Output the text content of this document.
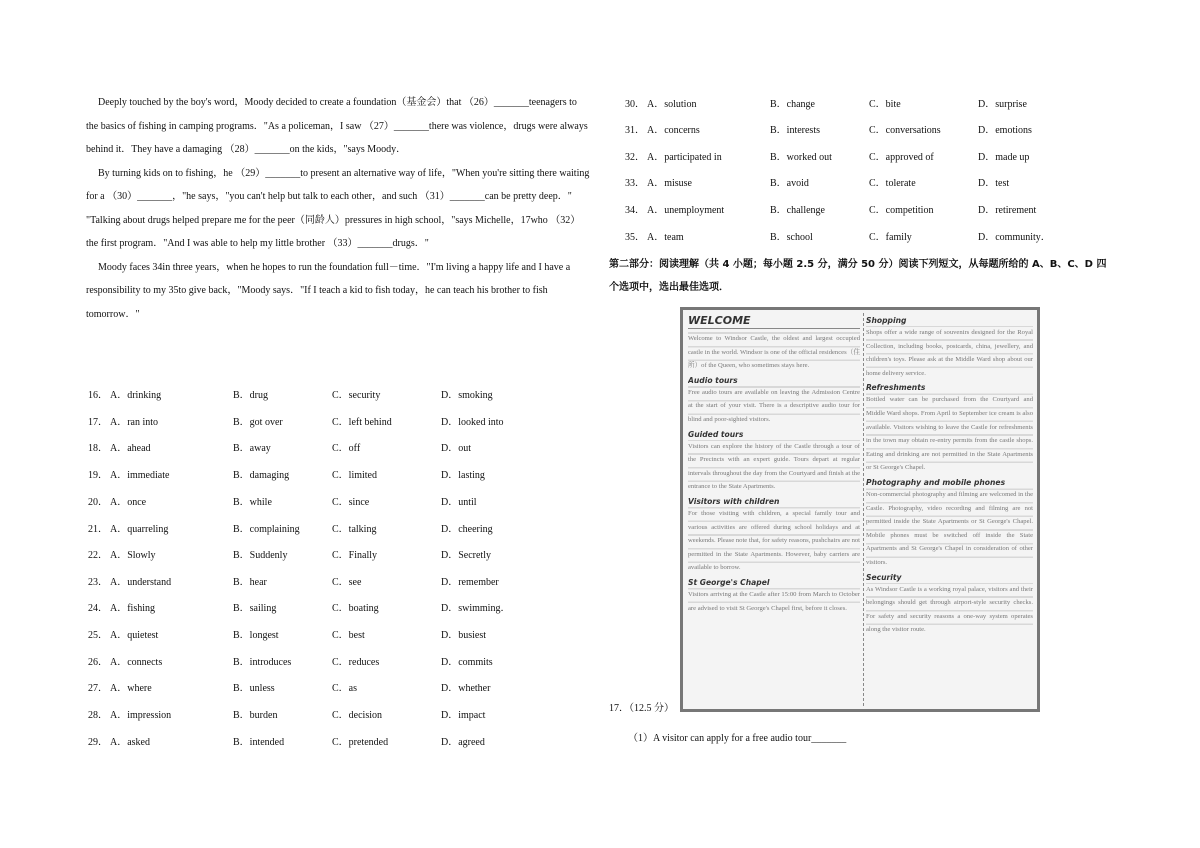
Deeply touched by the boy's word，Moody decided to create a foundation（基金会）that （26）_______teenagers to the basics of fishing in camping programs．"As a policeman，I saw （27）_______there was violence，drugs were always behind it．They have a damaging （28）_______on the kids，"says Moody．

By turning kids on to fishing，he （29）_______to present an alternative way of life，"When you're sitting there waiting for a （30）_______，"he says，"you can't help but talk to each other，and such （31）_______can be pretty deep．"

"Talking about drugs helped prepare me for the peer（同龄人）pressures in high school，"says Michelle，17who （32）the first program．"And I was able to help my little brother （33）_______drugs．"

Moody faces 34in three years，when he hopes to run the foundation full－time．"I'm living a happy life and I have a responsibility to my 35to give back，"Moody says．"If I teach a kid to fish today，he can teach his brother to fish tomorrow．"

16． A．drinking	B．drug	C．security	D．smoking
17． A．ran into	B．got over	C．left behind	D．looked into
18． A．ahead	B．away	C．off	D．out
19． A．immediate	B．damaging	C．limited	D．lasting
20． A．once	B．while	C．since	D．until
21． A．quarreling	B．complaining	C．talking	D．cheering
22． A．Slowly	B．Suddenly	C．Finally	D．Secretly
23． A．understand	B．hear	C．see	D．remember
24． A．fishing	B．sailing	C．boating	D．swimming．
25． A．quietest	B．longest	C．best	D．busiest
26． A．connects	B．introduces	C．reduces	D．commits
27． A．where	B．unless	C．as	D．whether
28． A．impression	B．burden	C．decision	D．impact
29． A．asked	B．intended	C．pretended	D．agreed
30． A．solution	B．change	C．bite	D．surprise
31． A．concerns	B．interests	C．conversations	D．emotions
32． A．participated in	B．worked out	C．approved of	D．made up
33． A．misuse	B．avoid	C．tolerate	D．test
34． A．unemployment	B．challenge	C．competition	D．retirement
35． A．team	B．school	C．family	D．community．
第二部分：阅读理解（共 4 小题；每小题 2.5 分，满分 50 分）阅读下列短文，从每题所给的 A、B、C、D 四个选项中，选出最佳选项．
WELCOME

Welcome to Windsor Castle, the oldest and largest occupied castle in the world. Windsor is one of the official residences（住所）of the Queen, who sometimes stays here.

Audio tours

Free audio tours are available on leaving the Admission Centre at the start of your visit. There is a descriptive audio tour for blind and poor-sighted visitors.

Guided tours

Visitors can explore the history of the Castle through a tour of the Precincts with an expert guide. Tours depart at regular intervals throughout the day from the Courtyard and finish at the entrance to the State Apartments.

Visitors with children

For those visiting with children, a special family tour and various activities are offered during school holidays and at weekends. Please note that, for safety reasons, pushchairs are not permitted in the State Apartments. However, baby carriers are available to borrow.

St George's Chapel

Visitors arriving at the Castle after 15:00 from March to October are advised to visit St George's Chapel first, before it closes.

Shopping

Shops offer a wide range of souvenirs designed for the Royal Collection, including books, postcards, china, jewellery, and children's toys. Please ask at the Middle Ward shop about our home delivery service.

Refreshments

Bottled water can be purchased from the Courtyard and Middle Ward shops. From April to September ice cream is also available. Visitors wishing to leave the Castle for refreshments in the town may obtain re-entry permits from the castle shops. Eating and drinking are not permitted in the State Apartments or St George's Chapel.

Photography and mobile phones

Non-commercial photography and filming are welcomed in the Castle. Photography, video recording and filming are not permitted inside the State Apartments or St George's Chapel. Mobile phones must be switched off inside the State Apartments and St George's Chapel in consideration of other visitors.

Security

As Windsor Castle is a working royal palace, visitors and their belongings should get through airport-style security checks. For safety and security reasons a one-way system operates along the visitor route.

17．（12.5 分）
（1）A visitor can apply for a free audio tour_______
